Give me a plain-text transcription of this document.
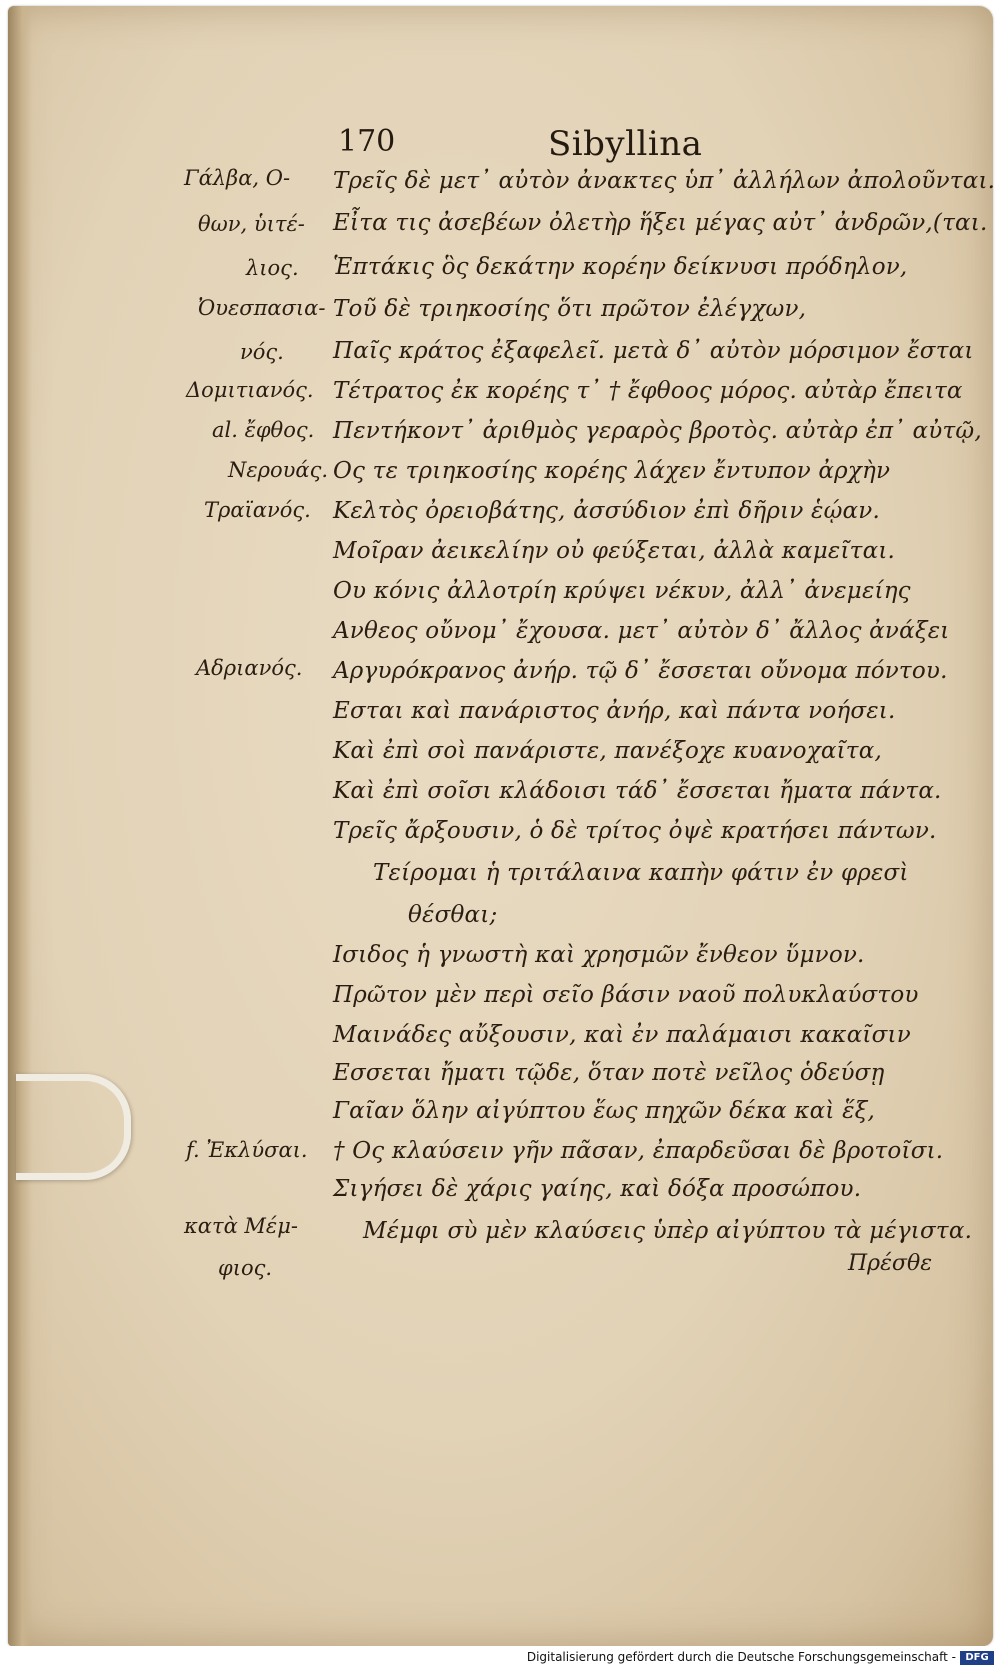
170	Sibyllina
Γάλβα, Ο-
θων, ὑιτέ-
λιος.
Ὀυεσπασια-
νός.
Δομιτιανός.
al. ἔφθος.
Νερουάς.
Τραϊανός.
Αδριανός.
f. Ἐκλύσαι.
κατὰ Μέμ-
φιος.
Τρεῖς δὲ μετ᾽ αὐτὸν ἀνακτες ὑπ᾽ ἀλλήλων ἀπολοῦνται.
Εἶτα τις ἀσεβέων ὀλετὴρ ἥξει μέγας αὐτ᾽ ἀνδρῶν,(ται.
Ἑπτάκις ὃς δεκάτην κορέην δείκνυσι πρόδηλον,
Τοῦ δὲ τριηκοσίης ὅτι πρῶτον ἐλέγχων,
Παῖς κράτος ἐξαφελεῖ. μετὰ δ᾽ αὐτὸν μόρσιμον ἔσται
Τέτρατος ἐκ κορέης τ᾽ † ἔφθοος μόρος. αὐτὰρ ἔπειτα
Πεντήκοντ᾽ ἀριθμὸς γεραρὸς βροτὸς. αὐτὰρ ἐπ᾽ αὐτῷ,
Ος τε τριηκοσίης κορέης λάχεν ἔντυπον ἀρχὴν
Κελτὸς ὀρειοβάτης, ἀσσύδιον ἐπὶ δῆριν ἑῴαν.
Μοῖραν ἀεικελίην οὐ φεύξεται, ἀλλὰ καμεῖται.
Ου κόνις ἀλλοτρίη κρύψει νέκυν, ἀλλ᾽ ἀνεμείης
Ανθεος οὔνομ᾽ ἔχουσα. μετ᾽ αὐτὸν δ᾽ ἄλλος ἀνάξει
Αργυρόκρανος ἀνήρ. τῷ δ᾽ ἔσσεται οὔνομα πόντου.
Εσται καὶ πανάριστος ἀνήρ, καὶ πάντα νοήσει.
Καὶ ἐπὶ σοὶ πανάριστε, πανέξοχε κυανοχαῖτα,
Καὶ ἐπὶ σοῖσι κλάδοισι τάδ᾽ ἔσσεται ἤματα πάντα.
Τρεῖς ἄρξουσιν, ὁ δὲ τρίτος ὀψὲ κρατήσει πάντων.
Τείρομαι ἡ τριτάλαινα καπὴν φάτιν ἐν φρεσὶ
θέσθαι;
Ισιδος ἡ γνωστὴ καὶ χρησμῶν ἔνθεον ὕμνον.
Πρῶτον μὲν περὶ σεῖο βάσιν ναοῦ πολυκλαύστου
Μαινάδες αὔξουσιν, καὶ ἐν παλάμαισι κακαῖσιν
Εσσεται ἤματι τῷδε, ὅταν ποτὲ νεῖλος ὁδεύσῃ
Γαῖαν ὅλην αἰγύπτου ἕως πηχῶν δέκα καὶ ἕξ,
† Ος κλαύσειν γῆν πᾶσαν, ἐπαρδεῦσαι δὲ βροτοῖσι.
Σιγήσει δὲ χάρις γαίης, καὶ δόξα προσώπου.
Μέμφι σὺ μὲν κλαύσεις ὑπὲρ αἰγύπτου τὰ μέγιστα.
Πρέσθε
Digitalisierung gefördert durch die Deutsche Forschungsgemeinschaft - DFG
